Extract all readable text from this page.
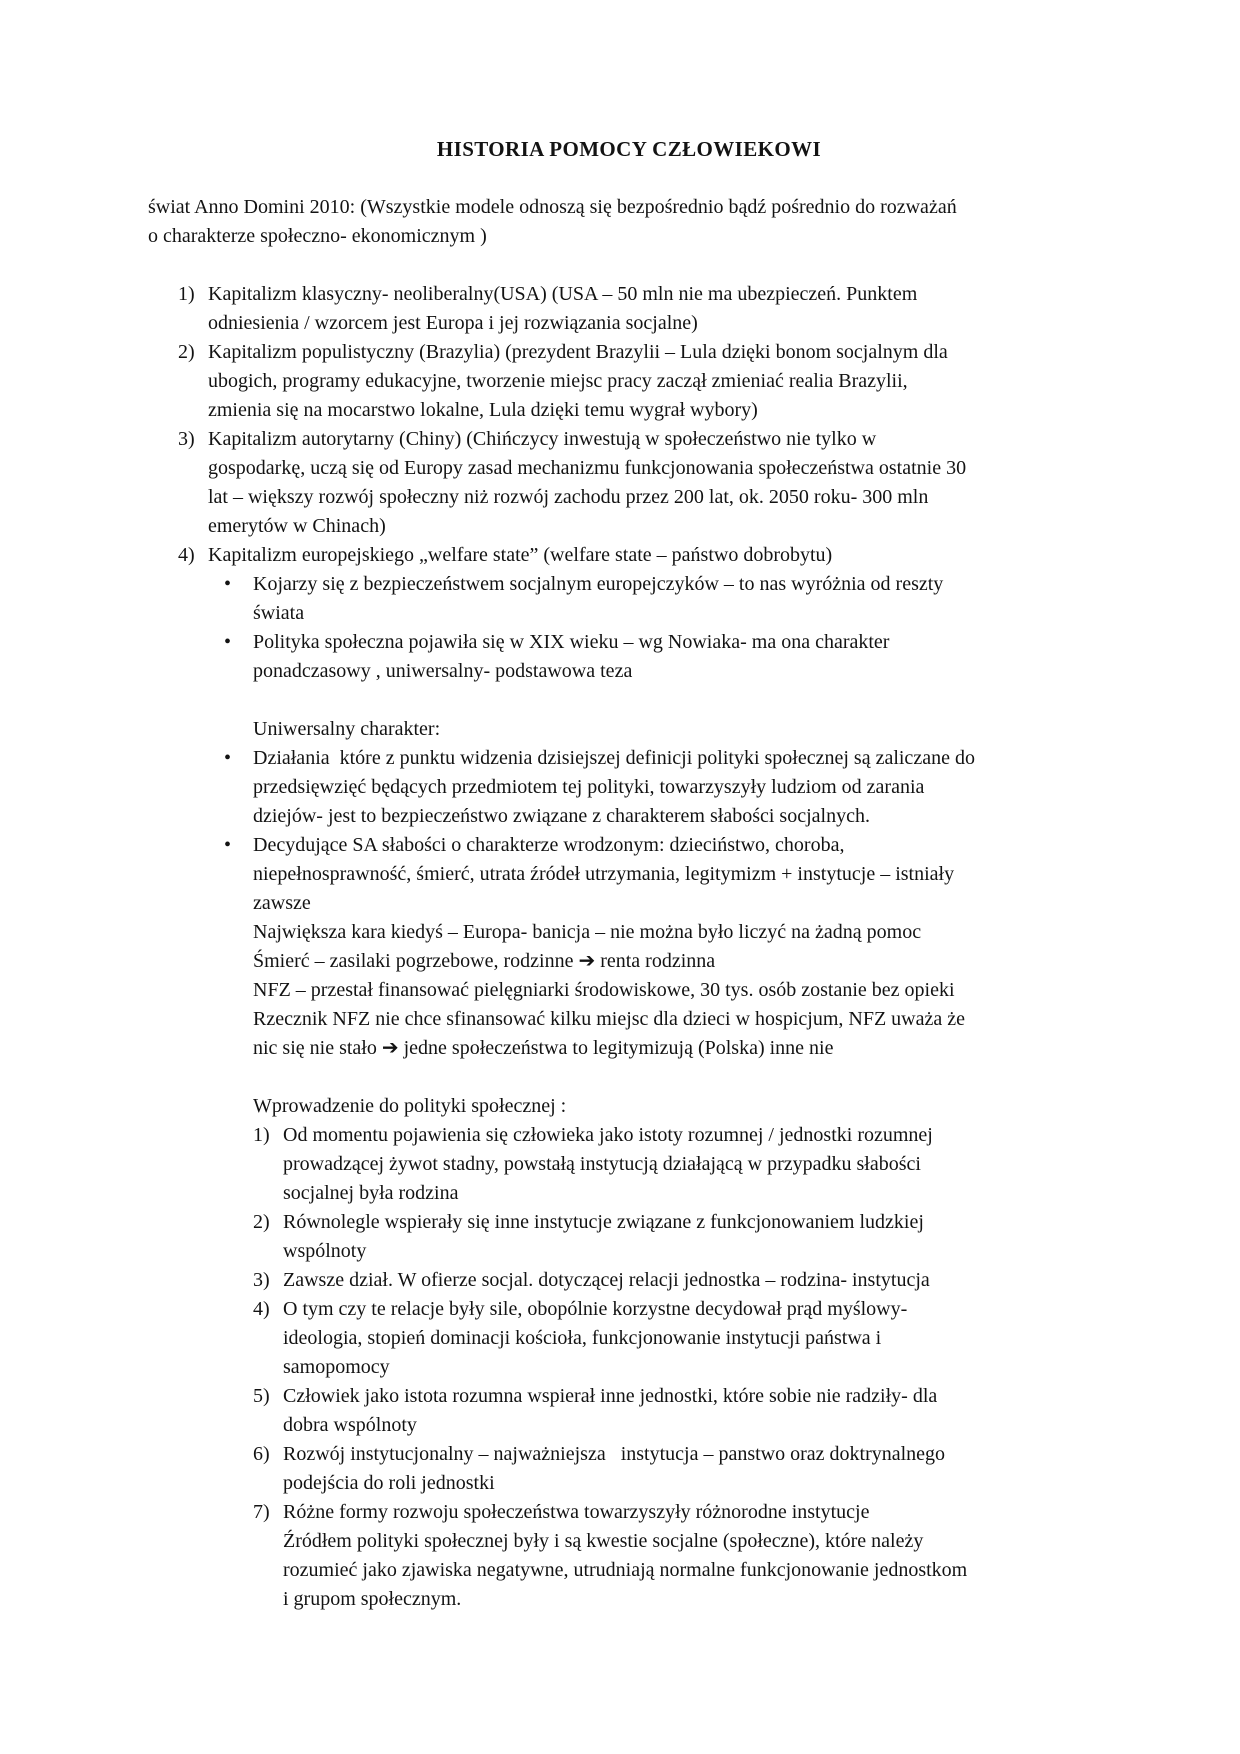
HISTORIA POMOCY CZŁOWIEKOWI
świat Anno Domini 2010: (Wszystkie modele odnoszą się bezpośrednio bądź pośrednio do rozważań
o charakterze społeczno- ekonomicznym )
1) Kapitalizm klasyczny- neoliberalny(USA) (USA – 50 mln nie ma ubezpieczeń. Punktem
odniesienia / wzorcem jest Europa i jej rozwiązania socjalne)
2) Kapitalizm populistyczny (Brazylia) (prezydent Brazylii – Lula dzięki bonom socjalnym dla
ubogich, programy edukacyjne, tworzenie miejsc pracy zaczął zmieniać realia Brazylii,
zmienia się na mocarstwo lokalne, Lula dzięki temu wygrał wybory)
3) Kapitalizm autorytarny (Chiny) (Chińczycy inwestują w społeczeństwo nie tylko w
gospodarkę, uczą się od Europy zasad mechanizmu funkcjonowania społeczeństwa ostatnie 30
lat – większy rozwój społeczny niż rozwój zachodu przez 200 lat, ok. 2050 roku- 300 mln
emerytów w Chinach)
4) Kapitalizm europejskiego „welfare state” (welfare state – państwo dobrobytu)
• Kojarzy się z bezpieczeństwem socjalnym europejczyków – to nas wyróżnia od reszty
świata
• Polityka społeczna pojawiła się w XIX wieku – wg Nowiaka- ma ona charakter
ponadczasowy , uniwersalny- podstawowa teza
Uniwersalny charakter:
• Działania  które z punktu widzenia dzisiejszej definicji polityki społecznej są zaliczane do
przedsięwzięć będących przedmiotem tej polityki, towarzyszyły ludziom od zarania
dziejów- jest to bezpieczeństwo związane z charakterem słabości socjalnych.
• Decydujące SA słabości o charakterze wrodzonym: dzieciństwo, choroba,
niepełnosprawność, śmierć, utrata źródeł utrzymania, legitymizm + instytucje – istniały
zawsze
Największa kara kiedyś – Europa- banicja – nie można było liczyć na żadną pomoc
Śmierć – zasilaki pogrzebowe, rodzinne ➔ renta rodzinna
NFZ – przestał finansować pielęgniarki środowiskowe, 30 tys. osób zostanie bez opieki
Rzecznik NFZ nie chce sfinansować kilku miejsc dla dzieci w hospicjum, NFZ uważa że
nic się nie stało ➔ jedne społeczeństwa to legitymizują (Polska) inne nie
Wprowadzenie do polityki społecznej :
1) Od momentu pojawienia się człowieka jako istoty rozumnej / jednostki rozumnej
prowadzącej żywot stadny, powstałą instytucją działającą w przypadku słabości
socjalnej była rodzina
2) Równolegle wspierały się inne instytucje związane z funkcjonowaniem ludzkiej
wspólnoty
3) Zawsze dział. W ofierze socjal. dotyczącej relacji jednostka – rodzina- instytucja
4) O tym czy te relacje były sile, obopólnie korzystne decydował prąd myślowy-
ideologia, stopień dominacji kościoła, funkcjonowanie instytucji państwa i
samopomocy
5) Człowiek jako istota rozumna wspierał inne jednostki, które sobie nie radziły- dla
dobra wspólnoty
6) Rozwój instytucjonalny – najważniejsza   instytucja – panstwo oraz doktrynalnego
podejścia do roli jednostki
7) Różne formy rozwoju społeczeństwa towarzyszyły różnorodne instytucje
Źródłem polityki społecznej były i są kwestie socjalne (społeczne), które należy
rozumieć jako zjawiska negatywne, utrudniają normalne funkcjonowanie jednostkom
i grupom społecznym.
